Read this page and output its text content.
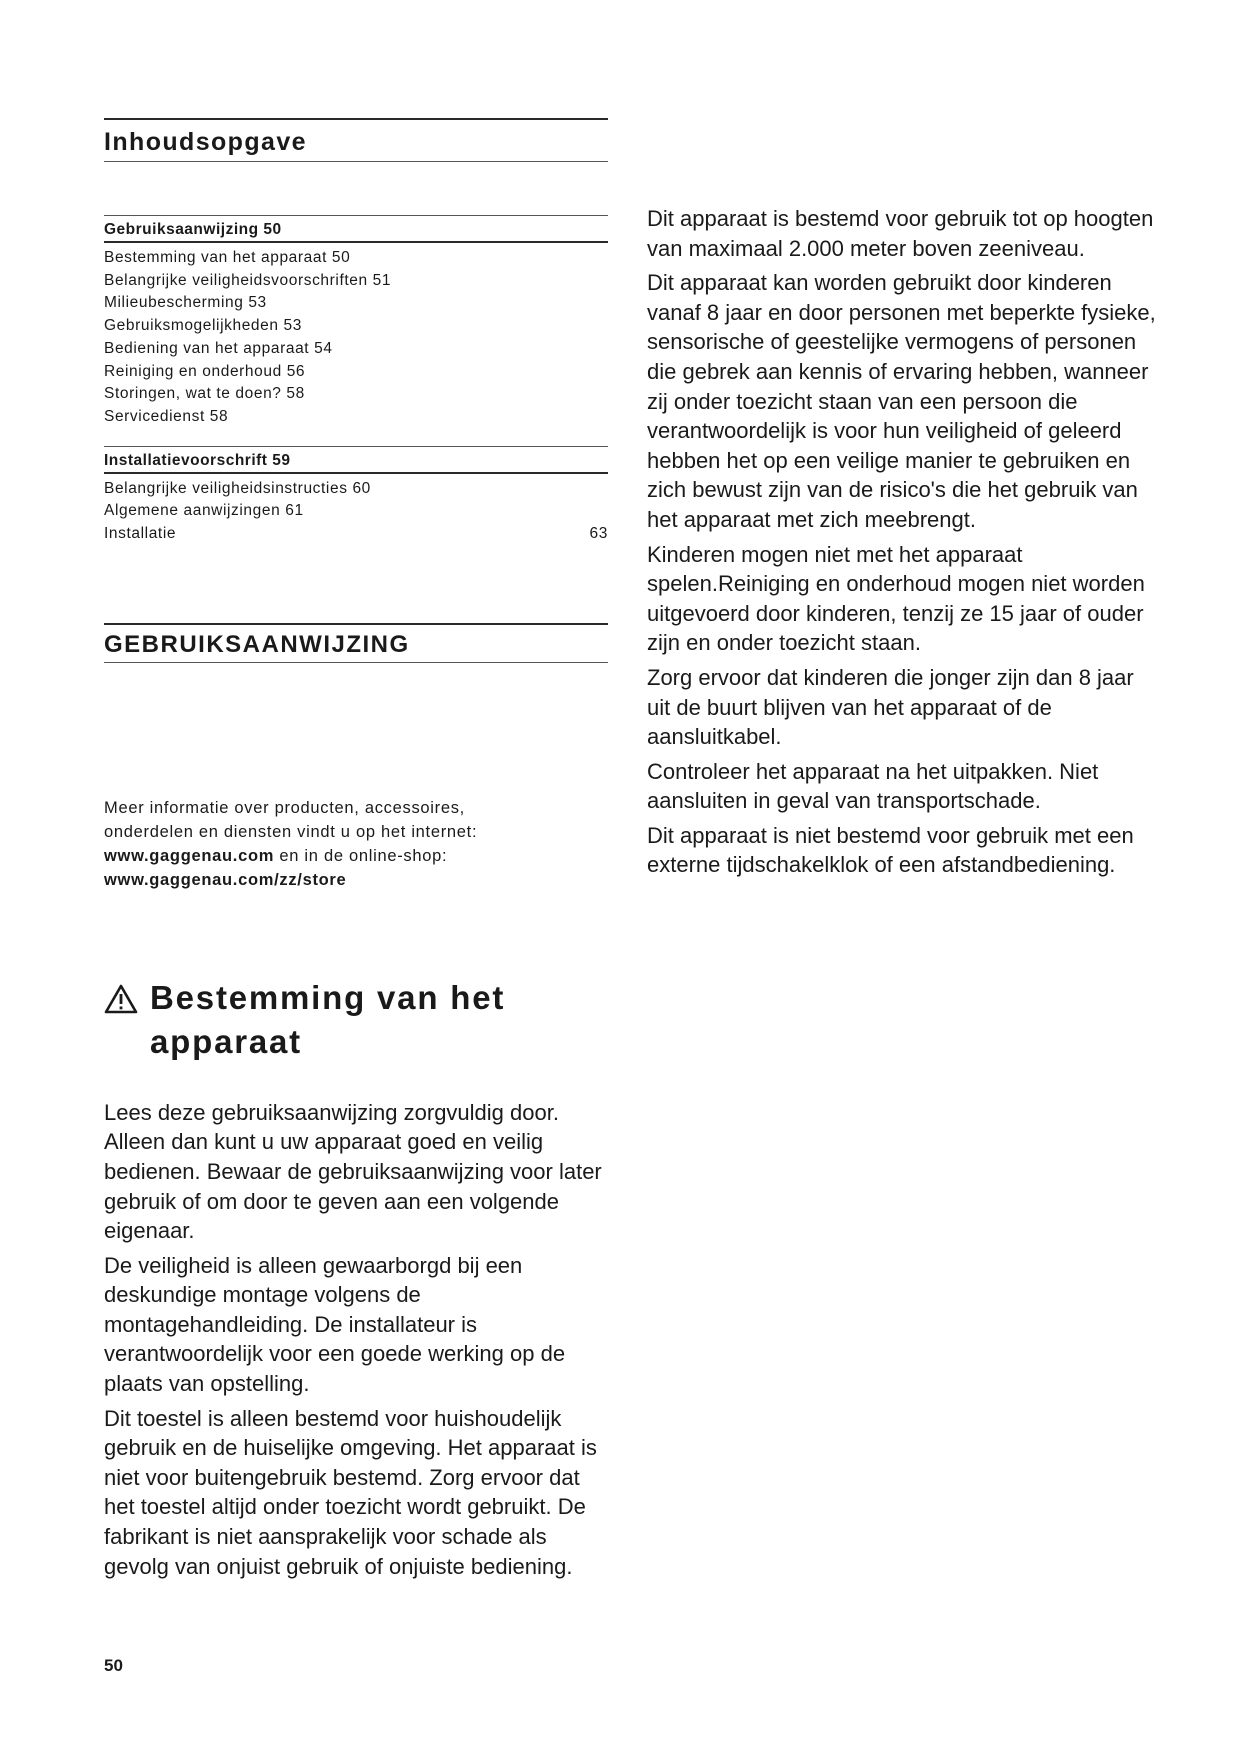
Inhoudsopgave
Gebruiksaanwijzing 50
Bestemming van het apparaat 50
Belangrijke veiligheidsvoorschriften 51
Milieubescherming 53
Gebruiksmogelijkheden 53
Bediening van het apparaat 54
Reiniging en onderhoud 56
Storingen, wat te doen? 58
Servicedienst 58
Installatievoorschrift 59
Belangrijke veiligheidsinstructies 60
Algemene aanwijzingen 61
Installatie	63
GEBRUIKSAANWIJZING
Meer informatie over producten, accessoires,
onderdelen en diensten vindt u op het internet:
www.gaggenau.com en in de online-shop:
www.gaggenau.com/zz/store
Bestemming van het
apparaat

Lees deze gebruiksaanwijzing zorgvuldig door. Alleen dan kunt u uw apparaat goed en veilig bedienen. Bewaar de gebruiksaanwijzing voor later gebruik of om door te geven aan een volgende eigenaar.

De veiligheid is alleen gewaarborgd bij een deskundige montage volgens de montagehandleiding. De installateur is verantwoordelijk voor een goede werking op de plaats van opstelling.

Dit toestel is alleen bestemd voor huishoudelijk gebruik en de huiselijke omgeving. Het apparaat is niet voor buitengebruik bestemd. Zorg ervoor dat het toestel altijd onder toezicht wordt gebruikt. De fabrikant is niet aansprakelijk voor schade als gevolg van onjuist gebruik of onjuiste bediening.

Dit apparaat is bestemd voor gebruik tot op hoogten van maximaal 2.000 meter boven zeeniveau.

Dit apparaat kan worden gebruikt door kinderen vanaf 8 jaar en door personen met beperkte fysieke, sensorische of geestelijke vermogens of personen die gebrek aan kennis of ervaring hebben, wanneer zij onder toezicht staan van een persoon die verantwoordelijk is voor hun veiligheid of geleerd hebben het op een veilige manier te gebruiken en zich bewust zijn van de risico's die het gebruik van het apparaat met zich meebrengt.

Kinderen mogen niet met het apparaat spelen.Reiniging en onderhoud mogen niet worden uitgevoerd door kinderen, tenzij ze 15 jaar of ouder zijn en onder toezicht staan.

Zorg ervoor dat kinderen die jonger zijn dan 8 jaar uit de buurt blijven van het apparaat of de aansluitkabel.

Controleer het apparaat na het uitpakken. Niet aansluiten in geval van transportschade.

Dit apparaat is niet bestemd voor gebruik met een externe tijdschakelklok of een afstandbediening.

50
